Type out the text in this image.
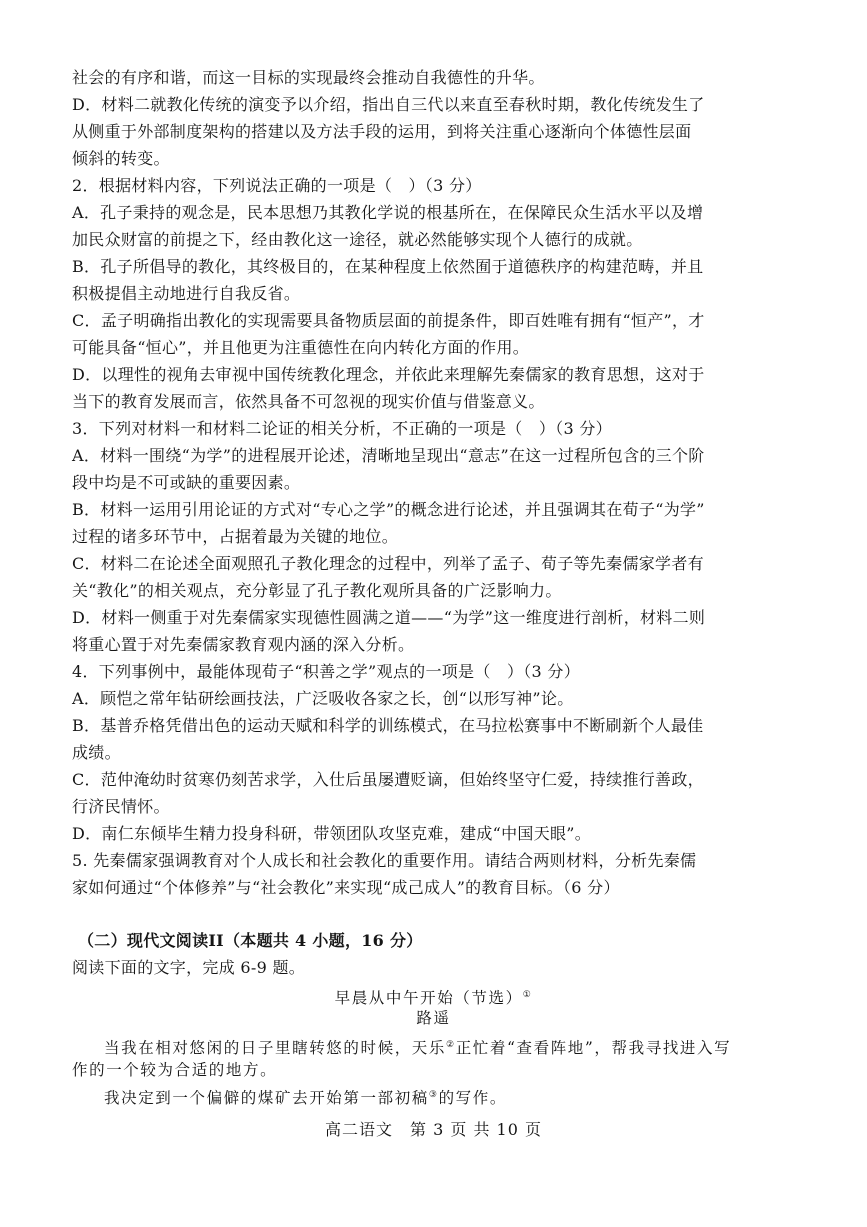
社会的有序和谐，而这一目标的实现最终会推动自我德性的升华。
D．材料二就教化传统的演变予以介绍，指出自三代以来直至春秋时期，教化传统发生了
从侧重于外部制度架构的搭建以及方法手段的运用，到将关注重心逐渐向个体德性层面
倾斜的转变。
2．根据材料内容，下列说法正确的一项是（　）（3 分）
A．孔子秉持的观念是，民本思想乃其教化学说的根基所在，在保障民众生活水平以及增
加民众财富的前提之下，经由教化这一途径，就必然能够实现个人德行的成就。
B．孔子所倡导的教化，其终极目的，在某种程度上依然囿于道德秩序的构建范畴，并且
积极提倡主动地进行自我反省。
C．孟子明确指出教化的实现需要具备物质层面的前提条件，即百姓唯有拥有“恒产”，才
可能具备“恒心”，并且他更为注重德性在向内转化方面的作用。
D．以理性的视角去审视中国传统教化理念，并依此来理解先秦儒家的教育思想，这对于
当下的教育发展而言，依然具备不可忽视的现实价值与借鉴意义。
3．下列对材料一和材料二论证的相关分析，不正确的一项是（　）（3 分）
A．材料一围绕“为学”的进程展开论述，清晰地呈现出“意志”在这一过程所包含的三个阶
段中均是不可或缺的重要因素。
B．材料一运用引用论证的方式对“专心之学”的概念进行论述，并且强调其在荀子“为学”
过程的诸多环节中，占据着最为关键的地位。
C．材料二在论述全面观照孔子教化理念的过程中，列举了孟子、荀子等先秦儒家学者有
关“教化”的相关观点，充分彰显了孔子教化观所具备的广泛影响力。
D．材料一侧重于对先秦儒家实现德性圆满之道——“为学”这一维度进行剖析，材料二则
将重心置于对先秦儒家教育观内涵的深入分析。
4．下列事例中，最能体现荀子“积善之学”观点的一项是（　）（3 分）
A．顾恺之常年钻研绘画技法，广泛吸收各家之长，创“以形写神”论。
B．基普乔格凭借出色的运动天赋和科学的训练模式，在马拉松赛事中不断刷新个人最佳
成绩。
C．范仲淹幼时贫寒仍刻苦求学，入仕后虽屡遭贬谪，但始终坚守仁爱，持续推行善政，
行济民情怀。
D．南仁东倾毕生精力投身科研，带领团队攻坚克难，建成“中国天眼”。
5. 先秦儒家强调教育对个人成长和社会教化的重要作用。请结合两则材料，分析先秦儒
家如何通过“个体修养”与“社会教化”来实现“成己成人”的教育目标。（6 分）
（二）现代文阅读II（本题共 4 小题，16 分）
阅读下面的文字，完成 6-9 题。
早晨从中午开始（节选）①
路遥
当我在相对悠闲的日子里瞎转悠的时候，天乐②正忙着“查看阵地”，帮我寻找进入写
作的一个较为合适的地方。
我决定到一个偏僻的煤矿去开始第一部初稿③的写作。
高二语文　第 3 页 共 10 页
